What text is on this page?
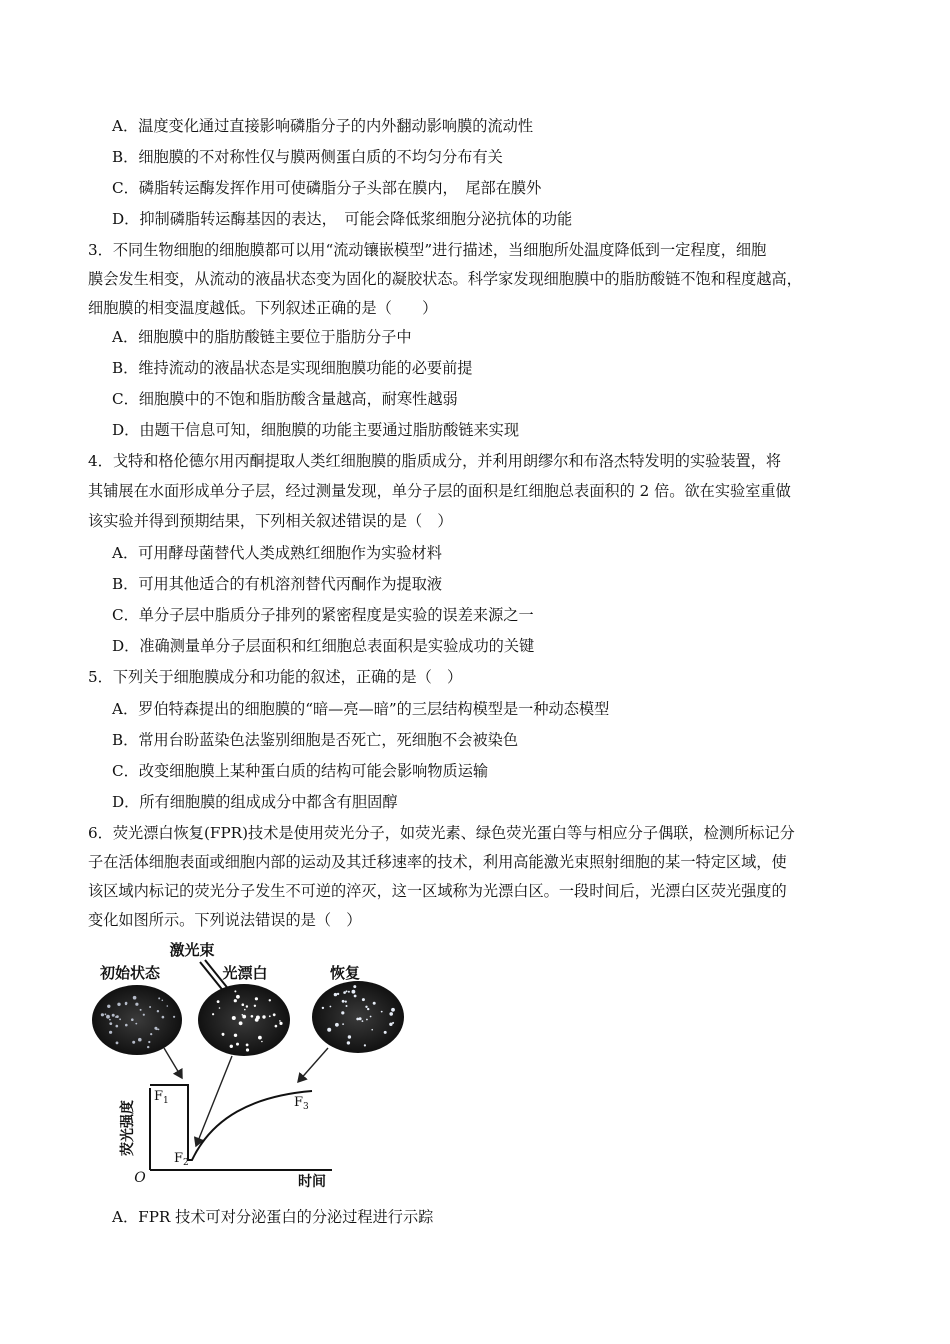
A．温度变化通过直接影响磷脂分子的内外翻动影响膜的流动性
B．细胞膜的不对称性仅与膜两侧蛋白质的不均匀分布有关
C．磷脂转运酶发挥作用可使磷脂分子头部在膜内，　尾部在膜外
D．抑制磷脂转运酶基因的表达，　可能会降低浆细胞分泌抗体的功能
3．不同生物细胞的细胞膜都可以用“流动镶嵌模型”进行描述，当细胞所处温度降低到一定程度，细胞
膜会发生相变，从流动的液晶状态变为固化的凝胶状态。科学家发现细胞膜中的脂肪酸链不饱和程度越高，
细胞膜的相变温度越低。下列叙述正确的是（　　）
A．细胞膜中的脂肪酸链主要位于脂肪分子中
B．维持流动的液晶状态是实现细胞膜功能的必要前提
C．细胞膜中的不饱和脂肪酸含量越高，耐寒性越弱
D．由题干信息可知，细胞膜的功能主要通过脂肪酸链来实现
4．戈特和格伦德尔用丙酮提取人类红细胞膜的脂质成分，并利用朗缪尔和布洛杰特发明的实验装置，将
其铺展在水面形成单分子层，经过测量发现，单分子层的面积是红细胞总表面积的 2 倍。欲在实验室重做
该实验并得到预期结果，下列相关叙述错误的是（　）
A．可用酵母菌替代人类成熟红细胞作为实验材料
B．可用其他适合的有机溶剂替代丙酮作为提取液
C．单分子层中脂质分子排列的紧密程度是实验的误差来源之一
D．准确测量单分子层面积和红细胞总表面积是实验成功的关键
5．下列关于细胞膜成分和功能的叙述，正确的是（　）
A．罗伯特森提出的细胞膜的“暗—亮—暗”的三层结构模型是一种动态模型
B．常用台盼蓝染色法鉴别细胞是否死亡，死细胞不会被染色
C．改变细胞膜上某种蛋白质的结构可能会影响物质运输
D．所有细胞膜的组成成分中都含有胆固醇
6．荧光漂白恢复(FPR)技术是使用荧光分子，如荧光素、绿色荧光蛋白等与相应分子偶联，检测所标记分
子在活体细胞表面或细胞内部的运动及其迁移速率的技术，利用高能激光束照射细胞的某一特定区域，使
该区域内标记的荧光分子发生不可逆的淬灭，这一区域称为光漂白区。一段时间后，光漂白区荧光强度的
变化如图所示。下列说法错误的是（　）
初始状态	光漂白	恢复
激光束
荧光强度
时间
O
$F_1$
$F_2$
$F_3$
A．FPR 技术可对分泌蛋白的分泌过程进行示踪
